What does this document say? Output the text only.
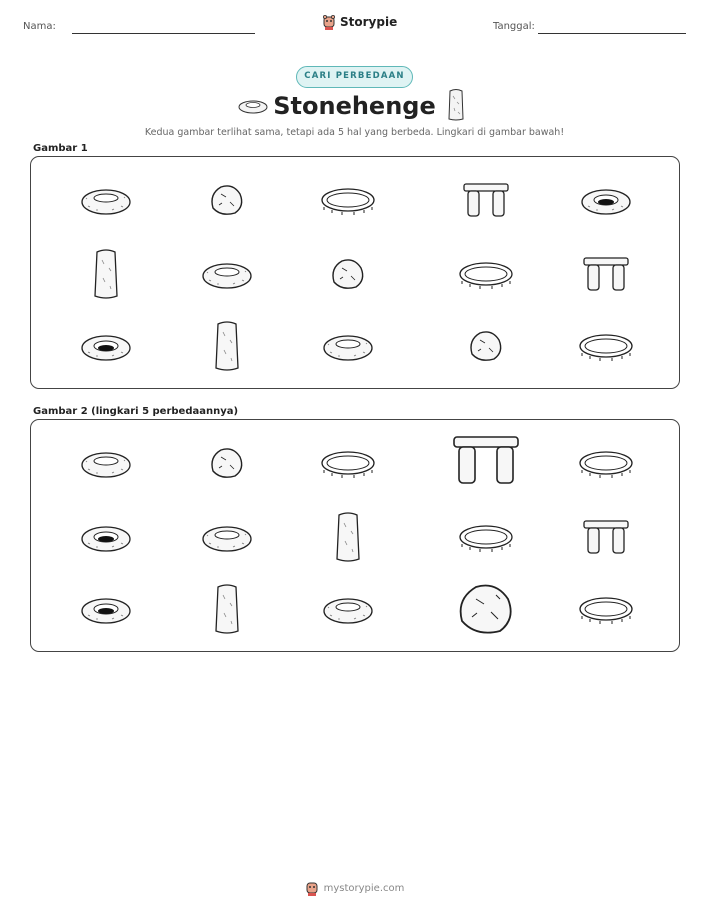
Nama:	Storypie	Tanggal:
CARI PERBEDAAN
Stonehenge
Kedua gambar terlihat sama, tetapi ada 5 hal yang berbeda. Lingkari di gambar bawah!
Gambar 1
Gambar 2 (lingkari 5 perbedaannya)
mystorypie.com
